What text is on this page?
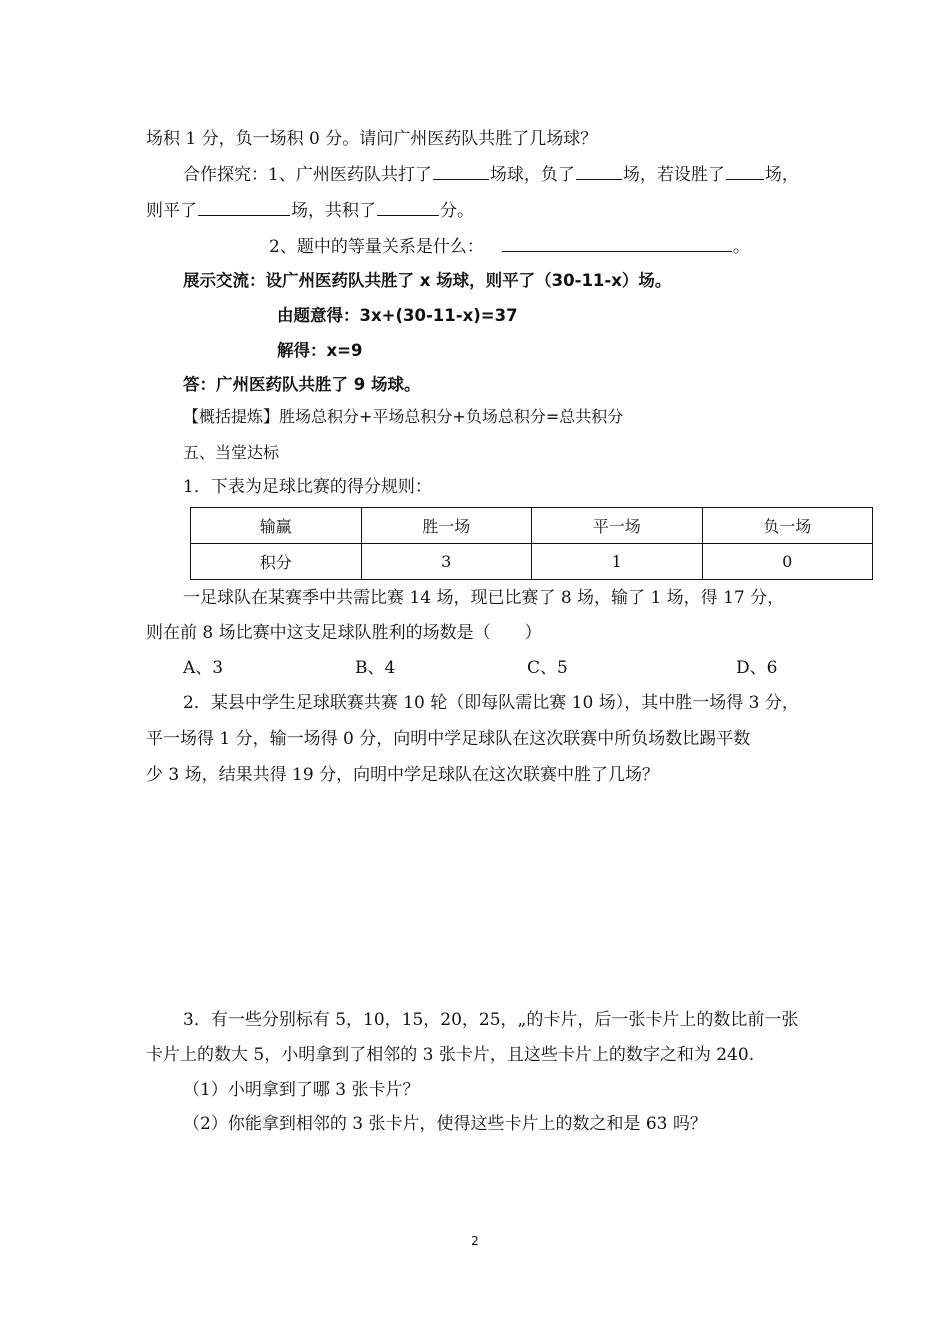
场积 1 分，负一场积 0 分。请问广州医药队共胜了几场球？
合作探究：1、广州医药队共打了	场球，负了	场，若设胜了 场，
则平了	场，共积了	分。
2、题中的等量关系是什么：	。
展示交流：设广州医药队共胜了 x 场球，则平了（30-11-x）场。
由题意得：3x+(30-11-x)=37
解得：x=9
答：广州医药队共胜了 9 场球。
【概括提炼】胜场总积分+平场总积分+负场总积分=总共积分
五、当堂达标
1．下表为足球比赛的得分规则：
输赢	胜一场	平一场	负一场
积分	3	1	0
一足球队在某赛季中共需比赛 14 场，现已比赛了 8 场，输了 1 场，得 17 分，
则在前 8 场比赛中这支足球队胜利的场数是（　　）
A、3	B、4	C、5	D、6
2．某县中学生足球联赛共赛 10 轮（即每队需比赛 10 场），其中胜一场得 3 分，
平一场得 1 分，输一场得 0 分，向明中学足球队在这次联赛中所负场数比踢平数
少 3 场，结果共得 19 分，向明中学足球队在这次联赛中胜了几场？
3．有一些分别标有 5，10，15，20，25，„的卡片，后一张卡片上的数比前一张
卡片上的数大 5，小明拿到了相邻的 3 张卡片，且这些卡片上的数字之和为 240.
（1）小明拿到了哪 3 张卡片？
（2）你能拿到相邻的 3 张卡片，使得这些卡片上的数之和是 63 吗？
2
